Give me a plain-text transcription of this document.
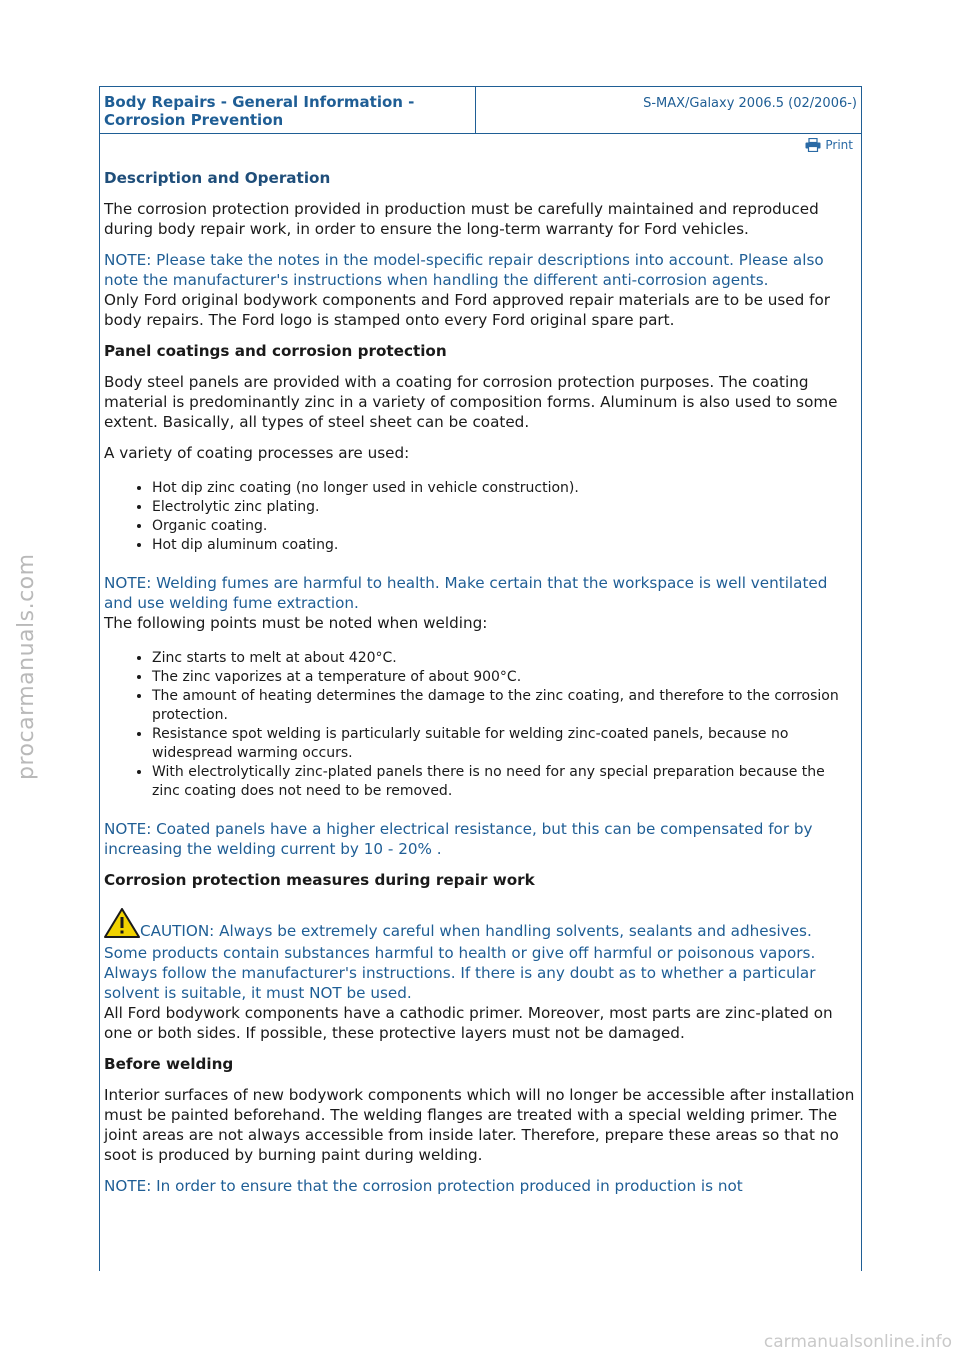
Body Repairs - General Information -
Corrosion Prevention
S-MAX/Galaxy 2006.5 (02/2006-)
Print
Description and Operation

The corrosion protection provided in production must be carefully maintained and reproduced during body repair work, in order to ensure the long-term warranty for Ford vehicles.

NOTE: Please take the notes in the model-specific repair descriptions into account. Please also note the manufacturer's instructions when handling the different anti-corrosion agents.

Only Ford original bodywork components and Ford approved repair materials are to be used for body repairs. The Ford logo is stamped onto every Ford original spare part.

Panel coatings and corrosion protection

Body steel panels are provided with a coating for corrosion protection purposes. The coating material is predominantly zinc in a variety of composition forms. Aluminum is also used to some extent. Basically, all types of steel sheet can be coated.

A variety of coating processes are used:

• Hot dip zinc coating (no longer used in vehicle construction).
• Electrolytic zinc plating.
• Organic coating.
• Hot dip aluminum coating.

NOTE: Welding fumes are harmful to health. Make certain that the workspace is well ventilated and use welding fume extraction.

The following points must be noted when welding:

• Zinc starts to melt at about 420°C.
• The zinc vaporizes at a temperature of about 900°C.
• The amount of heating determines the damage to the zinc coating, and therefore to the corrosion protection.
• Resistance spot welding is particularly suitable for welding zinc-coated panels, because no widespread warming occurs.
• With electrolytically zinc-plated panels there is no need for any special preparation because the zinc coating does not need to be removed.

NOTE: Coated panels have a higher electrical resistance, but this can be compensated for by increasing the welding current by 10 - 20% .

Corrosion protection measures during repair work
CAUTION: Always be extremely careful when handling solvents, sealants and adhesives. Some products contain substances harmful to health or give off harmful or poisonous vapors. Always follow the manufacturer's instructions. If there is any doubt as to whether a particular solvent is suitable, it must NOT be used.

All Ford bodywork components have a cathodic primer. Moreover, most parts are zinc-plated on one or both sides. If possible, these protective layers must not be damaged.

Before welding

Interior surfaces of new bodywork components which will no longer be accessible after installation must be painted beforehand. The welding flanges are treated with a special welding primer. The joint areas are not always accessible from inside later. Therefore, prepare these areas so that no soot is produced by burning paint during welding.

NOTE: In order to ensure that the corrosion protection produced in production is not

procarmanuals.com
carmanualsonline.info
